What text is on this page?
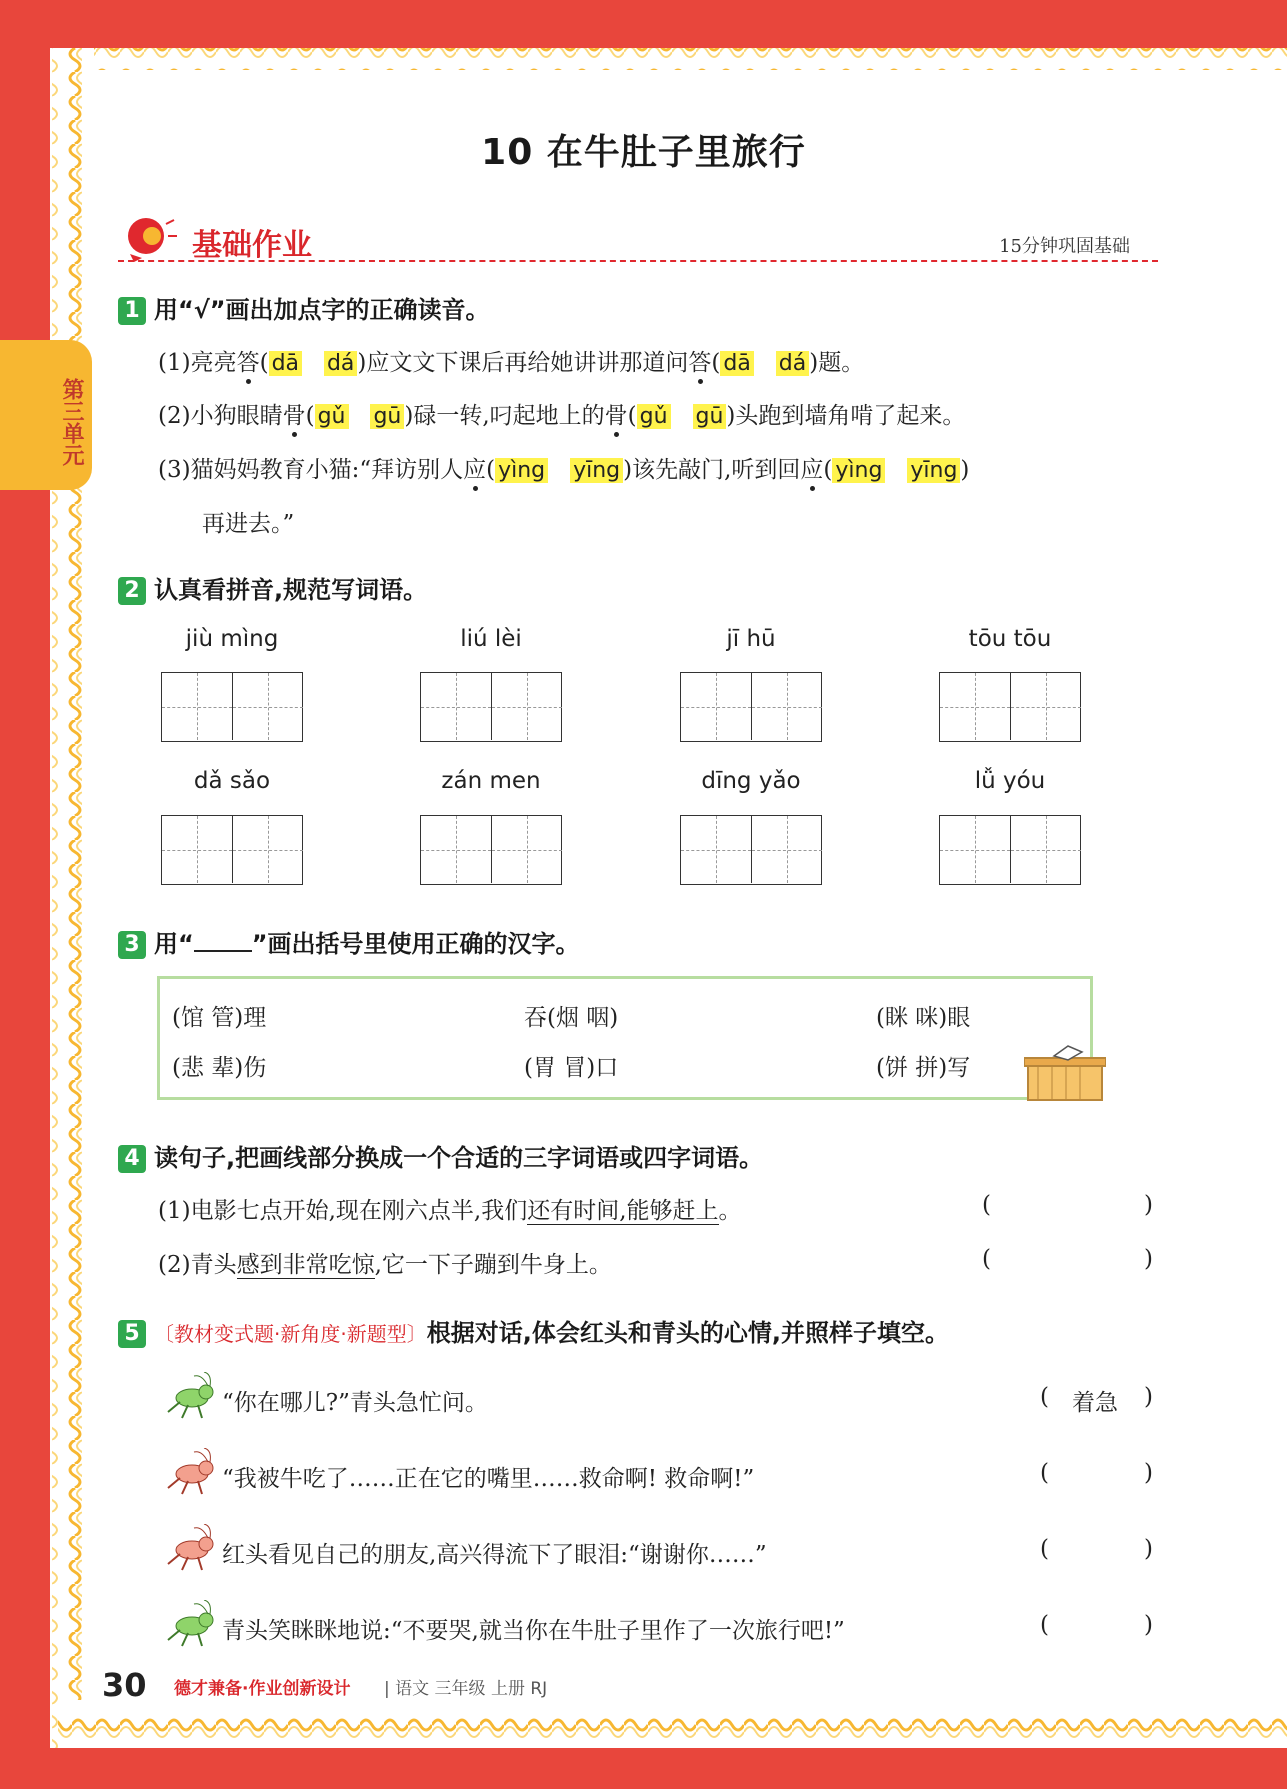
第三单元
10 在牛肚子里旅行
基础作业	15分钟巩固基础
1 用“√”画出加点字的正确读音。
(1)亮亮答( dā dá )应文文下课后再给她讲讲那道问答( dā dá )题。
(2)小狗眼睛骨( gǔ gū )碌一转,叼起地上的骨( gǔ gū )头跑到墙角啃了起来。
(3)猫妈妈教育小猫:“拜访别人应( yìng yīng )该先敲门,听到回应( yìng yīng )
再进去。”
2 认真看拼音,规范写词语。
jiù mìng	liú lèi	jī hū	tōu tōu
dǎ sǎo	zán men	dīng yǎo	lǚ yóu
3 用“ ”画出括号里使用正确的汉字。
(馆 管)理	吞(烟 咽)	(眯 咪)眼
(悲 辈)伤	(胃 冒)口	(饼 拼)写
4 读句子,把画线部分换成一个合适的三字词语或四字词语。
(1)电影七点开始,现在刚六点半,我们还有时间,能够赶上。	(	)
(2)青头感到非常吃惊,它一下子蹦到牛身上。	(	)
5 〔教材变式题·新角度·新题型〕根据对话,体会红头和青头的心情,并照样子填空。
“你在哪儿?”青头急忙问。	( 着急 )
“我被牛吃了……正在它的嘴里……救命啊! 救命啊!”	(	)
红头看见自己的朋友,高兴得流下了眼泪:“谢谢你……”	(	)
青头笑眯眯地说:“不要哭,就当你在牛肚子里作了一次旅行吧!”	(	)
30 德才兼备·作业创新设计 | 语文 三年级 上册 RJ
